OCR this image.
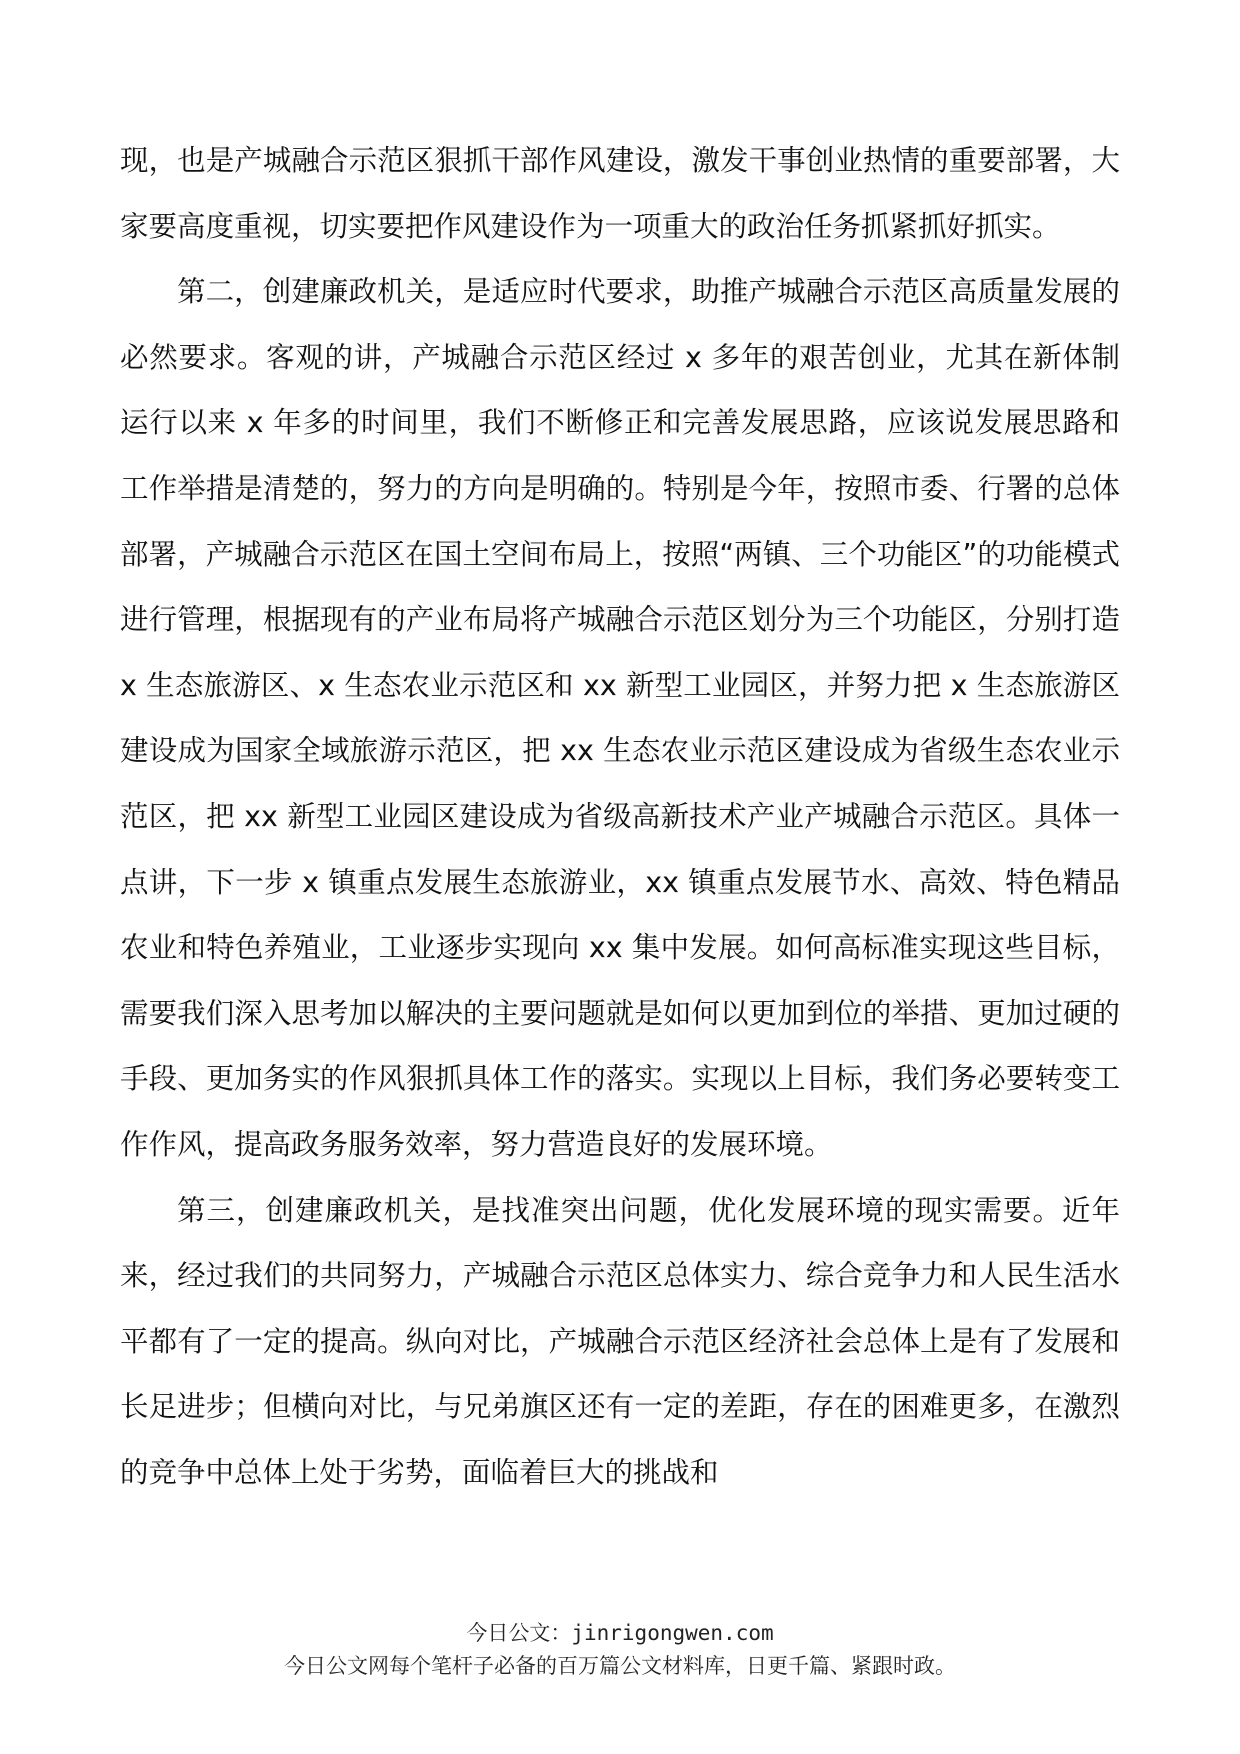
现，也是产城融合示范区狠抓干部作风建设，激发干事创业热情的重要部署，大家要高度重视，切实要把作风建设作为一项重大的政治任务抓紧抓好抓实。

第二，创建廉政机关，是适应时代要求，助推产城融合示范区高质量发展的必然要求。客观的讲，产城融合示范区经过 x 多年的艰苦创业，尤其在新体制运行以来 x 年多的时间里，我们不断修正和完善发展思路，应该说发展思路和工作举措是清楚的，努力的方向是明确的。特别是今年，按照市委、行署的总体部署，产城融合示范区在国土空间布局上，按照“两镇、三个功能区”的功能模式进行管理，根据现有的产业布局将产城融合示范区划分为三个功能区，分别打造 x 生态旅游区、x 生态农业示范区和 xx 新型工业园区，并努力把 x 生态旅游区建设成为国家全域旅游示范区，把 xx 生态农业示范区建设成为省级生态农业示范区，把 xx 新型工业园区建设成为省级高新技术产业产城融合示范区。具体一点讲，下一步 x 镇重点发展生态旅游业，xx 镇重点发展节水、高效、特色精品农业和特色养殖业，工业逐步实现向 xx 集中发展。如何高标准实现这些目标，需要我们深入思考加以解决的主要问题就是如何以更加到位的举措、更加过硬的手段、更加务实的作风狠抓具体工作的落实。实现以上目标，我们务必要转变工作作风，提高政务服务效率，努力营造良好的发展环境。

第三，创建廉政机关，是找准突出问题，优化发展环境的现实需要。近年来，经过我们的共同努力，产城融合示范区总体实力、综合竞争力和人民生活水平都有了一定的提高。纵向对比，产城融合示范区经济社会总体上是有了发展和长足进步；但横向对比，与兄弟旗区还有一定的差距，存在的困难更多，在激烈的竞争中总体上处于劣势，面临着巨大的挑战和

今日公文：jinrigongwen.com
今日公文网每个笔杆子必备的百万篇公文材料库，日更千篇、紧跟时政。
